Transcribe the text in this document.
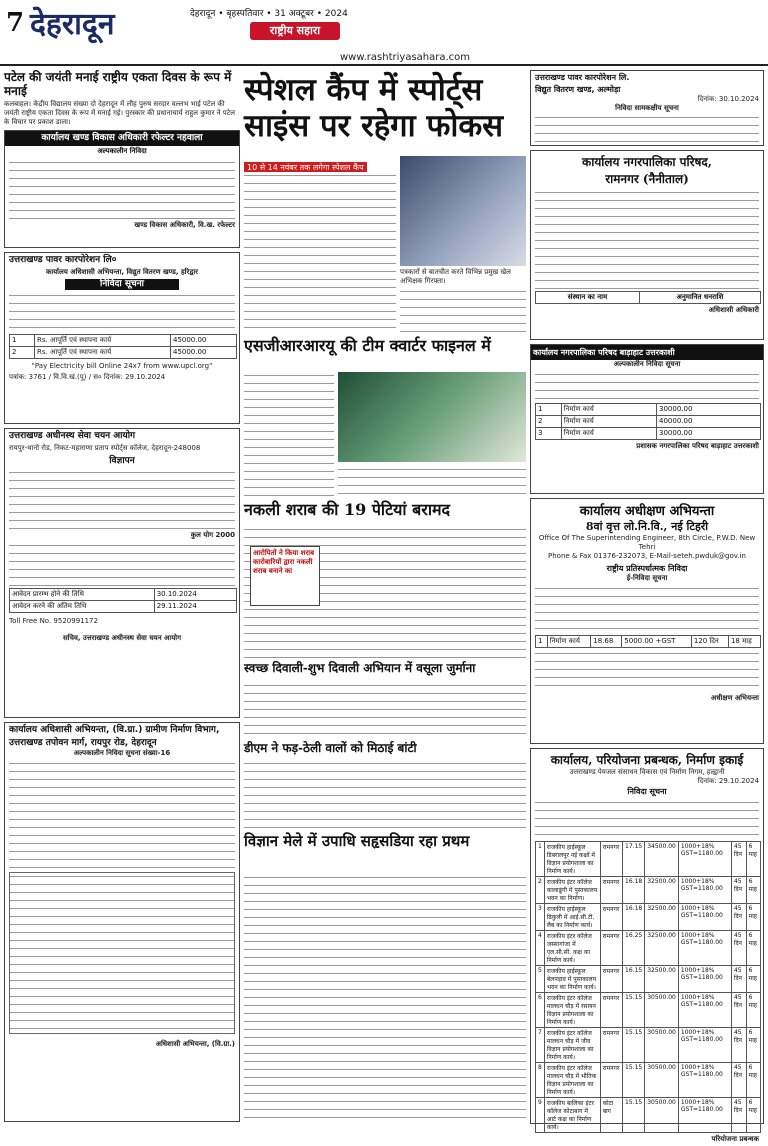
7 देहरादून	देहरादून • बृहस्पतिवार • 31 अक्टूबर • 2024
राष्ट्रीय सहारा
www.rashtriyasahara.com
पटेल की जयंती मनाई राष्ट्रीय एकता दिवस के रूप में मनाई
कलबाहल। केंद्रीय विद्यालय संख्या दो देहरादून में लौह पुरुष सरदार वल्लभ भाई पटेल की जयंती राष्ट्रीय एकता दिवस के रूप में मनाई गई। पुरस्कार की प्रधानाचार्य राहुल कुमार ने पटेल के विचार पर प्रकाश डाला।
कार्यालय खण्ड विकास अधिकारी रफेल्टर नहवाला
अल्पकालीन निविदा
खण्ड विकास अधिकारी, वि.ख. रफेल्टर
उत्तराखण्ड पावर कारपोरेशन लि०
कार्यालय अधिशासी अभियन्ता, विद्युत वितरण खण्ड, हरिद्वार
निविदा सूचना
1	Rs. आपूर्ति एवं स्थापना कार्य	45000.00
2	Rs. आपूर्ति एवं स्थापना कार्य	45000.00
"Pay Electricity bill Online 24x7 from www.upcl.org"
पत्रांक: 3761 / वि.वि.खं.(पू) / स० दिनांक: 29.10.2024
उत्तराखण्ड अधीनस्थ सेवा चयन आयोग
रायपुर-थानो रोड, निकट-महाराणा प्रताप स्पोर्ट्स कॉलेज, देहरादून-248008
विज्ञापन
कुल योग 2000
आवेदन प्रारम्भ होने की तिथि	30.10.2024
आवेदन करने की अंतिम तिथि	29.11.2024
Toll Free No. 9520991172
सचिव, उत्तराखण्ड अधीनस्थ सेवा चयन आयोग
कार्यालय अधिशासी अभियन्ता, (वि.ग्रा.) ग्रामीण निर्माण विभाग,
उत्तराखण्ड तपोवन मार्ग, रायपुर रोड, देहरादून
अल्पकालीन निविदा सूचना संख्या-16
अधिशासी अभियन्ता, (वि.ग्रा.)
स्पेशल कैंप में स्पोर्ट्स
साइंस पर रहेगा फोकस
10 से 14 नवंबर तक लगेगा स्पेशल कैंप
पत्रकारों से बातचीत करते विभिन्न प्रमुख खेल अभिक्षक गिरफ्ता।
एसजीआरआरयू की टीम क्वार्टर फाइनल में
नकली शराब की 19 पेटियां बरामद
आरोपितों ने किया शराब कारोबारियों द्वारा नकली शराब बनाने का
स्वच्छ दिवाली-शुभ दिवाली अभियान में वसूला जुर्माना
डीएम ने फड़-ठेली वालों को मिठाई बांटी
विज्ञान मेले में उपाधि सहृसडिया रहा प्रथम
उत्तराखण्ड पावर कारपोरेशन लि.
विद्युत वितरण खण्ड, अल्मोड़ा
दिनांक: 30.10.2024
निविदा सामकक्षीय सूचना
कार्यालय नगरपालिका परिषद,
रामनगर (नैनीताल)
संस्थान का नाम	अनुमानित धनराशि
अधिशासी अधिकारी
कार्यालय नगरपालिका परिषद बाड़ाहाट उत्तरकाशी
अल्पकालीन निविदा सूचना
1	निर्माण कार्य	30000.00
2	निर्माण कार्य	40000.00
3	निर्माण कार्य	30000.00
प्रशासक नगरपालिका परिषद बाड़ाहाट उत्तरकाशी
कार्यालय अधीक्षण अभियन्ता
8वां वृत्त लो.नि.वि., नई टिहरी
Office Of The Superintending Engineer, 8th Circle, P.W.D. New Tehri
Phone & Fax 01376-232073, E-Mail-seteh.pwduk@gov.in
राष्ट्रीय प्रतिस्पर्धात्मक निविदा
ई-निविदा सूचना
1	निर्माण कार्य	18.68	5000.00 +GST	120 दिन	18 माह
अधीक्षण अभियन्ता
कार्यालय, परियोजना प्रबन्धक, निर्माण इकाई
उत्तराखण्ड पेयजल संसाधन विकास एवं निर्माण निगम, हल्द्वानी
दिनांक: 29.10.2024
निविदा सूचना
1	राजकीय हाईस्कूल डिबरालपुर नई कक्षों में विज्ञान प्रयोगशाला का निर्माण कार्य।	रामनगर	17.15	34500.00	1000+18% GST=1180.00	45 दिन	6 माह
2	राजकीय इंटर कॉलेज कालाढूंगी में पुस्तकालय भवन का निर्माण।	रामनगर	16.18	32500.00	1000+18% GST=1180.00	45 दिन	6 माह
3	राजकीय हाईस्कूल ढिकुली में आई.सी.टी. लैब का निर्माण कार्य।	रामनगर	16.18	32500.00	1000+18% GST=1180.00	45 दिन	6 माह
4	राजकीय इंटर कॉलेज जस्सागांजा में एल.सी.सी. कक्ष का निर्माण कार्य।	रामनगर	16.25	32500.00	1000+18% GST=1180.00	45 दिन	6 माह
5	राजकीय हाईस्कूल बेलपड़ाव में पुस्तकालय भवन का निर्माण कार्य।	रामनगर	16.15	32500.00	1000+18% GST=1180.00	45 दिन	6 माह
6	राजकीय इंटर कॉलेज मालधन चौड़ में रसायन विज्ञान प्रयोगशाला का निर्माण कार्य।	रामनगर	15.15	30500.00	1000+18% GST=1180.00	45 दिन	6 माह
7	राजकीय इंटर कॉलेज मालधन चौड़ में जीव विज्ञान प्रयोगशाला का निर्माण कार्य।	रामनगर	15.15	30500.00	1000+18% GST=1180.00	45 दिन	6 माह
8	राजकीय इंटर कॉलेज मालधन चौड़ में भौतिक विज्ञान प्रयोगशाला का निर्माण कार्य।	रामनगर	15.15	30500.00	1000+18% GST=1180.00	45 दिन	6 माह
9	राजकीय बालिका इंटर कॉलेज कोटाबाग में आर्ट कक्ष का निर्माण कार्य।	कोटा बाग	15.15	30500.00	1000+18% GST=1180.00	45 दिन	6 माह
परियोजना प्रबन्धक
